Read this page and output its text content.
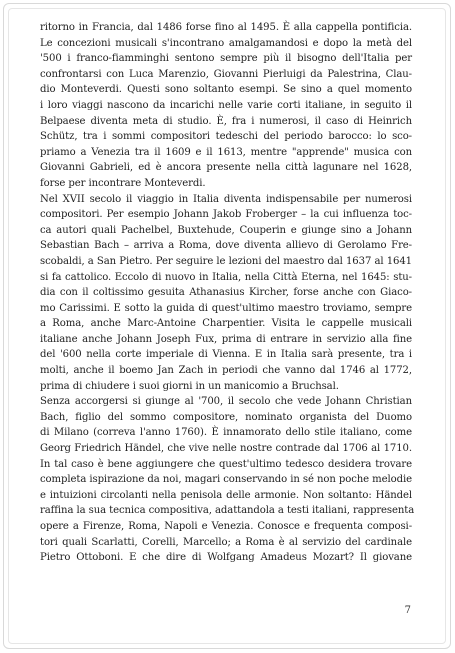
ritorno in Francia, dal 1486 forse fino al 1495. È alla cappella pontificia.
Le concezioni musicali s'incontrano amalgamandosi e dopo la metà del
'500 i franco-fiamminghi sentono sempre più il bisogno dell'Italia per
confrontarsi con Luca Marenzio, Giovanni Pierluigi da Palestrina, Clau-
dio Monteverdi. Questi sono soltanto esempi. Se sino a quel momento
i loro viaggi nascono da incarichi nelle varie corti italiane, in seguito il
Belpaese diventa meta di studio. È, fra i numerosi, il caso di Heinrich
Schütz, tra i sommi compositori tedeschi del periodo barocco: lo sco-
priamo a Venezia tra il 1609 e il 1613, mentre "apprende" musica con
Giovanni Gabrieli, ed è ancora presente nella città lagunare nel 1628,
forse per incontrare Monteverdi.
Nel XVII secolo il viaggio in Italia diventa indispensabile per numerosi
compositori. Per esempio Johann Jakob Froberger – la cui influenza toc-
ca autori quali Pachelbel, Buxtehude, Couperin e giunge sino a Johann
Sebastian Bach – arriva a Roma, dove diventa allievo di Gerolamo Fre-
scobaldi, a San Pietro. Per seguire le lezioni del maestro dal 1637 al 1641
si fa cattolico. Eccolo di nuovo in Italia, nella Città Eterna, nel 1645: stu-
dia con il coltissimo gesuita Athanasius Kircher, forse anche con Giaco-
mo Carissimi. E sotto la guida di quest'ultimo maestro troviamo, sempre
a Roma, anche Marc-Antoine Charpentier. Visita le cappelle musicali
italiane anche Johann Joseph Fux, prima di entrare in servizio alla fine
del '600 nella corte imperiale di Vienna. E in Italia sarà presente, tra i
molti, anche il boemo Jan Zach in periodi che vanno dal 1746 al 1772,
prima di chiudere i suoi giorni in un manicomio a Bruchsal.
Senza accorgersi si giunge al '700, il secolo che vede Johann Christian
Bach, figlio del sommo compositore, nominato organista del Duomo
di Milano (correva l'anno 1760). È innamorato dello stile italiano, come
Georg Friedrich Händel, che vive nelle nostre contrade dal 1706 al 1710.
In tal caso è bene aggiungere che quest'ultimo tedesco desidera trovare
completa ispirazione da noi, magari conservando in sé non poche melodie
e intuizioni circolanti nella penisola delle armonie. Non soltanto: Händel
raffina la sua tecnica compositiva, adattandola a testi italiani, rappresenta
opere a Firenze, Roma, Napoli e Venezia. Conosce e frequenta composi-
tori quali Scarlatti, Corelli, Marcello; a Roma è al servizio del cardinale
Pietro Ottoboni. E che dire di Wolfgang Amadeus Mozart? Il giovane
7
